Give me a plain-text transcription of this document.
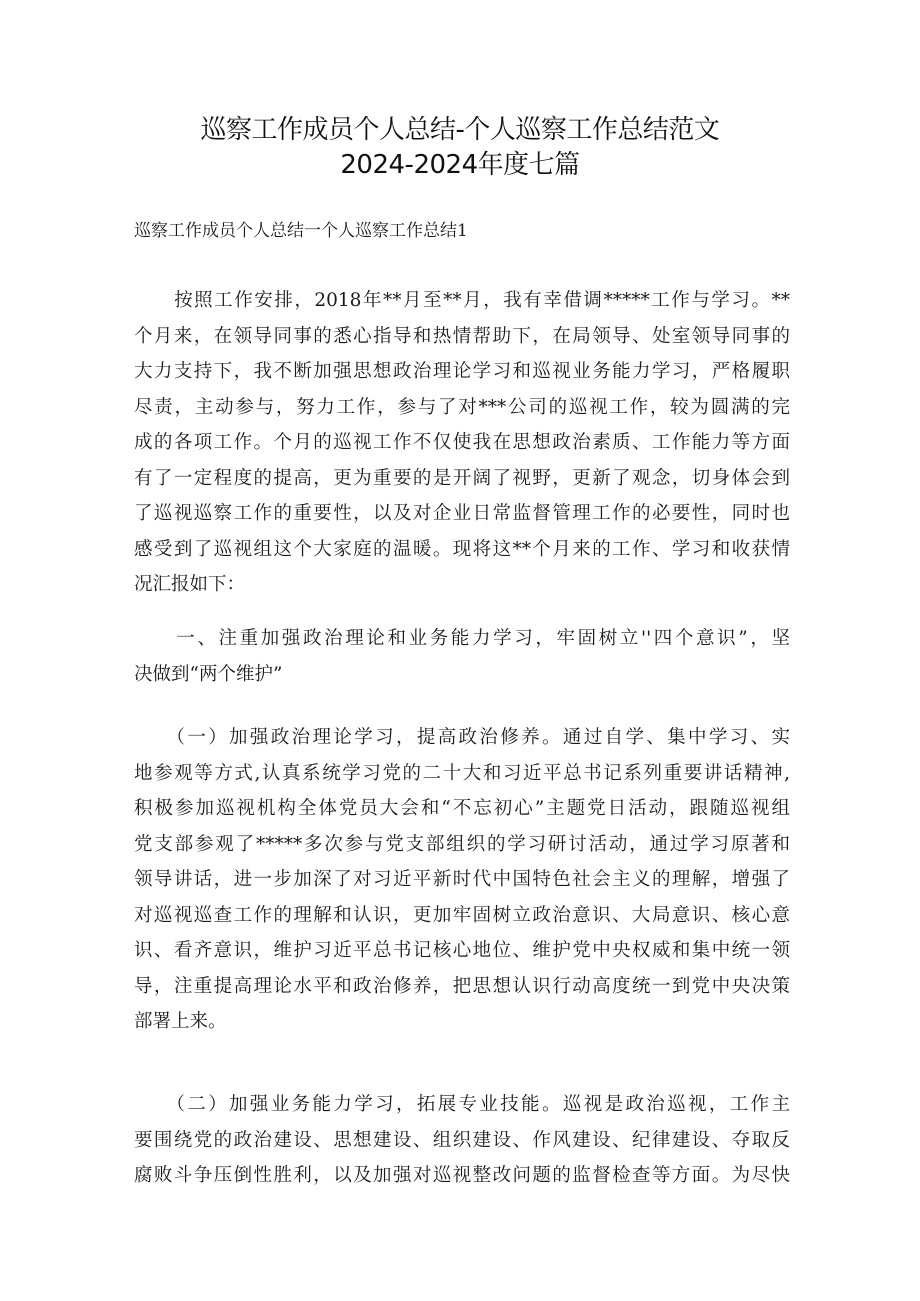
巡察工作成员个人总结-个人巡察工作总结范文
2024-2024年度七篇
巡察工作成员个人总结一个人巡察工作总结1
　　按照工作安排，2018年**月至**月，我有幸借调*****工作与学习。**
个月来，在领导同事的悉心指导和热情帮助下，在局领导、处室领导同事的
大力支持下，我不断加强思想政治理论学习和巡视业务能力学习，严格履职
尽责，主动参与，努力工作，参与了对***公司的巡视工作，较为圆满的完
成的各项工作。个月的巡视工作不仅使我在思想政治素质、工作能力等方面
有了一定程度的提高，更为重要的是开阔了视野，更新了观念，切身体会到
了巡视巡察工作的重要性，以及对企业日常监督管理工作的必要性，同时也
感受到了巡视组这个大家庭的温暖。现将这**个月来的工作、学习和收获情
况汇报如下：
　　一、注重加强政治理论和业务能力学习，牢固树立''四个意识”，坚
决做到“两个维护”
　　（一）加强政治理论学习，提高政治修养。通过自学、集中学习、实
地参观等方式,认真系统学习党的二十大和习近平总书记系列重要讲话精神,
积极参加巡视机构全体党员大会和“不忘初心”主题党日活动，跟随巡视组
党支部参观了*****多次参与党支部组织的学习研讨活动，通过学习原著和
领导讲话，进一步加深了对习近平新时代中国特色社会主义的理解，增强了
对巡视巡查工作的理解和认识，更加牢固树立政治意识、大局意识、核心意
识、看齐意识，维护习近平总书记核心地位、维护党中央权威和集中统一领
导，注重提高理论水平和政治修养，把思想认识行动高度统一到党中央决策
部署上来。
　　（二）加强业务能力学习，拓展专业技能。巡视是政治巡视，工作主
要围绕党的政治建设、思想建设、组织建设、作风建设、纪律建设、夺取反
腐败斗争压倒性胜利，以及加强对巡视整改问题的监督检查等方面。为尽快
